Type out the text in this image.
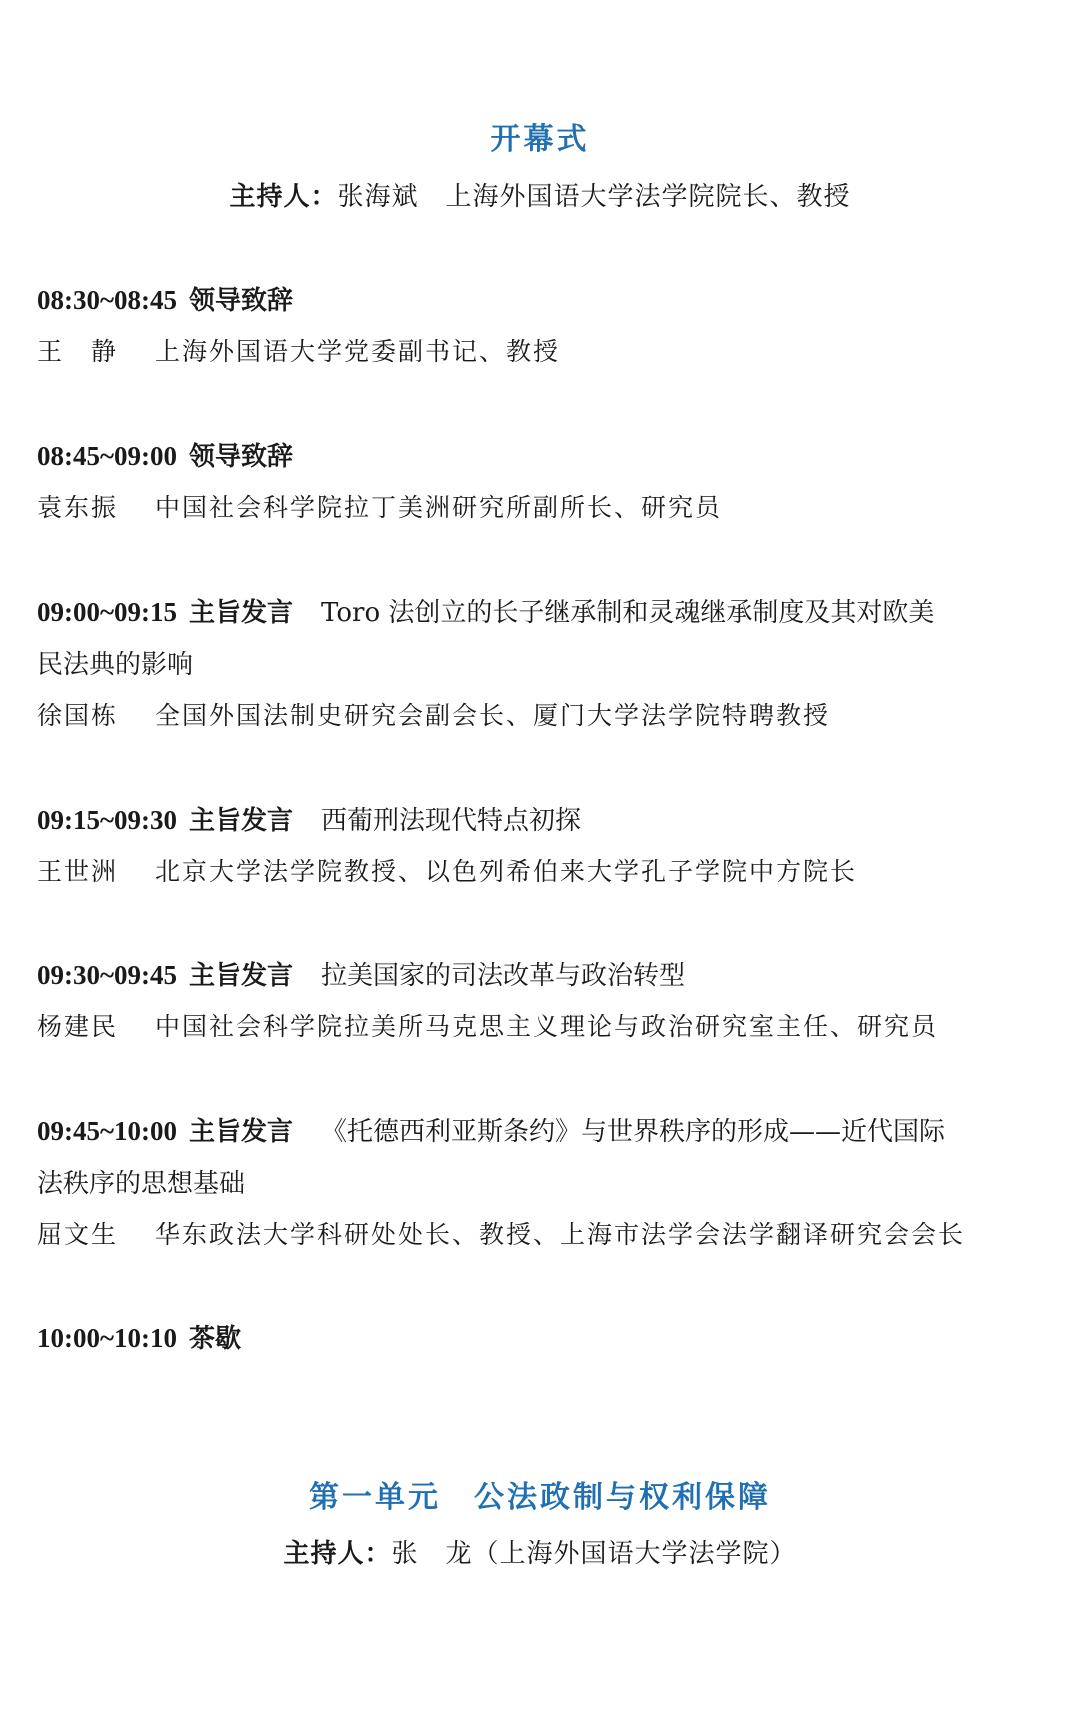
开幕式
主持人：张海斌　上海外国语大学法学院院长、教授
08:30~08:45 领导致辞
王　静 上海外国语大学党委副书记、教授
08:45~09:00 领导致辞
袁东振 中国社会科学院拉丁美洲研究所副所长、研究员
09:00~09:15 主旨发言 Toro 法创立的长子继承制和灵魂继承制度及其对欧美
民法典的影响
徐国栋 全国外国法制史研究会副会长、厦门大学法学院特聘教授
09:15~09:30 主旨发言 西葡刑法现代特点初探
王世洲 北京大学法学院教授、以色列希伯来大学孔子学院中方院长
09:30~09:45 主旨发言 拉美国家的司法改革与政治转型
杨建民 中国社会科学院拉美所马克思主义理论与政治研究室主任、研究员
09:45~10:00 主旨发言 《托德西利亚斯条约》与世界秩序的形成——近代国际
法秩序的思想基础
屈文生 华东政法大学科研处处长、教授、上海市法学会法学翻译研究会会长
10:00~10:10 茶歇
第一单元　公法政制与权利保障
主持人：张　龙（上海外国语大学法学院）
